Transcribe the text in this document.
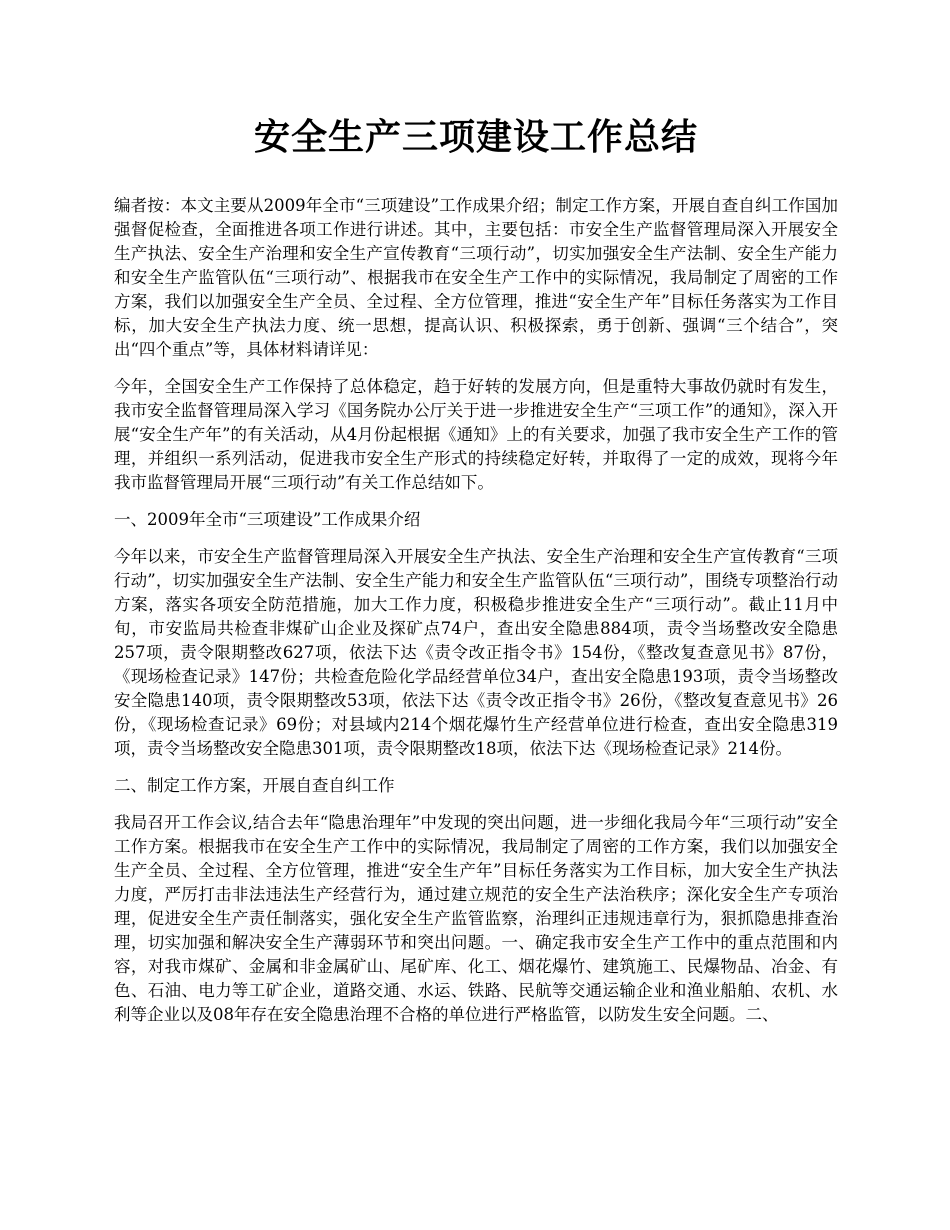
安全生产三项建设工作总结

编者按：本文主要从2009年全市“三项建设”工作成果介绍；制定工作方案，开展自查自纠工作国加强督促检查，全面推进各项工作进行讲述。其中，主要包括：市安全生产监督管理局深入开展安全生产执法、安全生产治理和安全生产宣传教育“三项行动”，切实加强安全生产法制、安全生产能力和安全生产监管队伍“三项行动”、根据我市在安全生产工作中的实际情况，我局制定了周密的工作方案，我们以加强安全生产全员、全过程、全方位管理，推进“安全生产年”目标任务落实为工作目标，加大安全生产执法力度、统一思想，提高认识、积极探索，勇于创新、强调“三个结合”，突出“四个重点”等，具体材料请详见：

今年，全国安全生产工作保持了总体稳定，趋于好转的发展方向，但是重特大事故仍就时有发生，我市安全监督管理局深入学习《国务院办公厅关于进一步推进安全生产“三项工作”的通知》，深入开展“安全生产年”的有关活动，从4月份起根据《通知》上的有关要求，加强了我市安全生产工作的管理，并组织一系列活动，促进我市安全生产形式的持续稳定好转，并取得了一定的成效，现将今年我市监督管理局开展“三项行动”有关工作总结如下。

一、2009年全市“三项建设”工作成果介绍

今年以来，市安全生产监督管理局深入开展安全生产执法、安全生产治理和安全生产宣传教育“三项行动”，切实加强安全生产法制、安全生产能力和安全生产监管队伍“三项行动”，围绕专项整治行动方案，落实各项安全防范措施，加大工作力度，积极稳步推进安全生产“三项行动”。截止11月中旬，市安监局共检查非煤矿山企业及探矿点74户，查出安全隐患884项，责令当场整改安全隐患257项，责令限期整改627项，依法下达《责令改正指令书》154份，《整改复查意见书》87份，《现场检查记录》147份；共检查危险化学品经营单位34户，查出安全隐患193项，责令当场整改安全隐患140项，责令限期整改53项，依法下达《责令改正指令书》26份，《整改复查意见书》26份，《现场检查记录》69份；对县域内214个烟花爆竹生产经营单位进行检查，查出安全隐患319项，责令当场整改安全隐患301项，责令限期整改18项，依法下达《现场检查记录》214份。

二、制定工作方案，开展自查自纠工作

我局召开工作会议,结合去年“隐患治理年”中发现的突出问题，进一步细化我局今年“三项行动”安全工作方案。根据我市在安全生产工作中的实际情况，我局制定了周密的工作方案，我们以加强安全生产全员、全过程、全方位管理，推进“安全生产年”目标任务落实为工作目标，加大安全生产执法力度，严厉打击非法违法生产经营行为，通过建立规范的安全生产法治秩序；深化安全生产专项治理，促进安全生产责任制落实，强化安全生产监管监察，治理纠正违规违章行为，狠抓隐患排查治理，切实加强和解决安全生产薄弱环节和突出问题。一、确定我市安全生产工作中的重点范围和内容，对我市煤矿、金属和非金属矿山、尾矿库、化工、烟花爆竹、建筑施工、民爆物品、冶金、有色、石油、电力等工矿企业，道路交通、水运、铁路、民航等交通运输企业和渔业船舶、农机、水利等企业以及08年存在安全隐患治理不合格的单位进行严格监管，以防发生安全问题。二、
